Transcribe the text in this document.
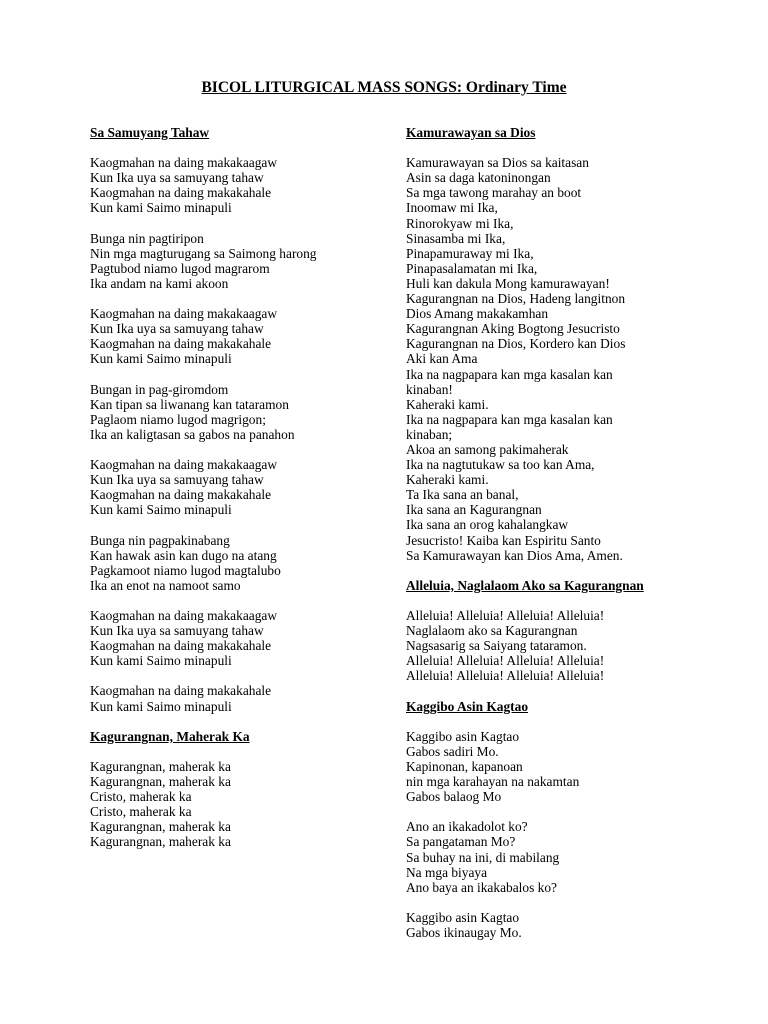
BICOL LITURGICAL MASS SONGS: Ordinary Time
Sa Samuyang Tahaw
Kaogmahan na daing makakaagaw
Kun Ika uya sa samuyang tahaw
Kaogmahan na daing makakahale
Kun kami Saimo minapuli
Bunga nin pagtiripon
Nin mga magturugang sa Saimong harong
Pagtubod niamo lugod magrarom
Ika andam na kami akoon
Kaogmahan na daing makakaagaw
Kun Ika uya sa samuyang tahaw
Kaogmahan na daing makakahale
Kun kami Saimo minapuli
Bungan in pag-giromdom
Kan tipan sa liwanang kan tataramon
Paglaom niamo lugod magrigon;
Ika an kaligtasan sa gabos na panahon
Kaogmahan na daing makakaagaw
Kun Ika uya sa samuyang tahaw
Kaogmahan na daing makakahale
Kun kami Saimo minapuli
Bunga nin pagpakinabang
Kan hawak asin kan dugo na atang
Pagkamoot niamo lugod magtalubo
Ika an enot na namoot samo
Kaogmahan na daing makakaagaw
Kun Ika uya sa samuyang tahaw
Kaogmahan na daing makakahale
Kun kami Saimo minapuli
Kaogmahan na daing makakahale
Kun kami Saimo minapuli
Kagurangnan, Maherak Ka
Kagurangnan, maherak ka
Kagurangnan, maherak ka
Cristo, maherak ka
Cristo, maherak ka
Kagurangnan, maherak ka
Kagurangnan, maherak ka
Kamurawayan sa Dios
Kamurawayan sa Dios sa kaitasan
Asin sa daga katoninongan
Sa mga tawong marahay an boot
Inoomaw mi Ika,
Rinorokyaw mi Ika,
Sinasamba mi Ika,
Pinapamuraway mi Ika,
Pinapasalamatan mi Ika,
Huli kan dakula Mong kamurawayan!
Kagurangnan na Dios, Hadeng langitnon
Dios Amang makakamhan
Kagurangnan Aking Bogtong Jesucristo
Kagurangnan na Dios, Kordero kan Dios
Aki kan Ama
Ika na nagpapara kan mga kasalan kan
kinaban!
Kaheraki kami.
Ika na nagpapara kan mga kasalan kan
kinaban;
Akoa an samong pakimaherak
Ika na nagtutukaw sa too kan Ama,
Kaheraki kami.
Ta Ika sana an banal,
Ika sana an Kagurangnan
Ika sana an orog kahalangkaw
Jesucristo! Kaiba kan Espiritu Santo
Sa Kamurawayan kan Dios Ama, Amen.
Alleluia, Naglalaom Ako sa Kagurangnan
Alleluia! Alleluia! Alleluia! Alleluia!
Naglalaom ako sa Kagurangnan
Nagsasarig sa Saiyang tataramon.
Alleluia! Alleluia! Alleluia! Alleluia!
Alleluia! Alleluia! Alleluia! Alleluia!
Kaggibo Asin Kagtao
Kaggibo asin Kagtao
Gabos sadiri Mo.
Kapinonan, kapanoan
nin mga karahayan na nakamtan
Gabos balaog Mo
Ano an ikakadolot ko?
Sa pangataman Mo?
Sa buhay na ini, di mabilang
Na mga biyaya
Ano baya an ikakabalos ko?
Kaggibo asin Kagtao
Gabos ikinaugay Mo.
